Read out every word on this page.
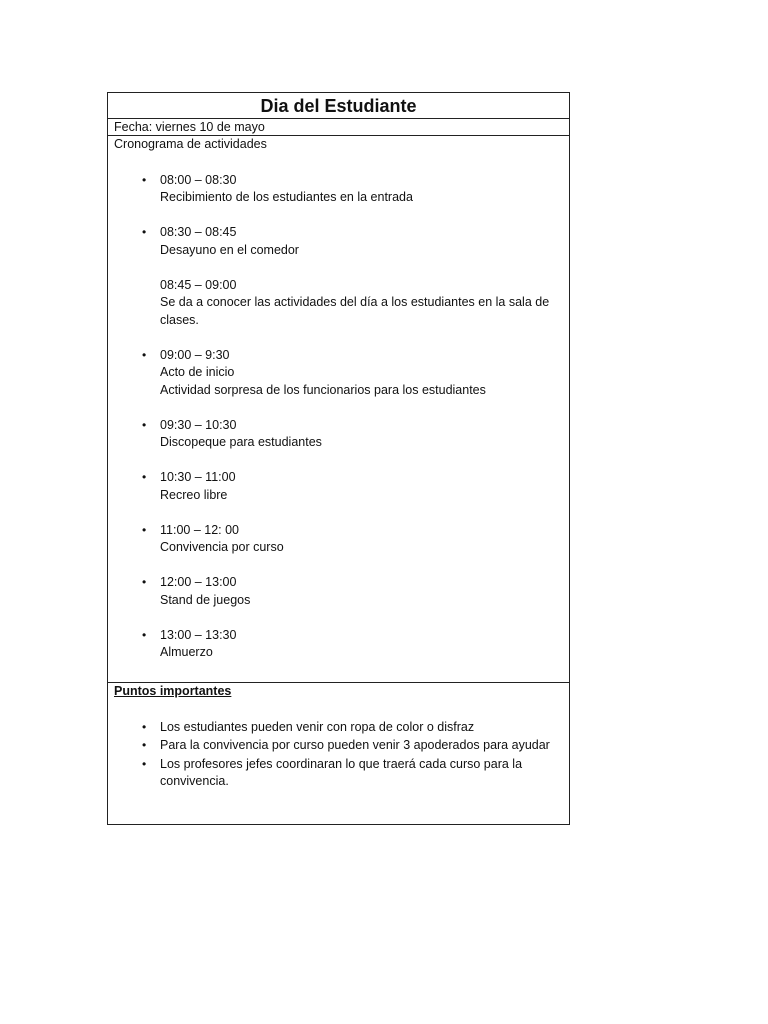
Dia del Estudiante
Fecha: viernes 10 de mayo
Cronograma de actividades
• 08:00 – 08:30
Recibimiento de los estudiantes en la entrada
• 08:30 – 08:45
Desayuno en el comedor
08:45 – 09:00
Se da a conocer las actividades del día a los estudiantes en la sala de clases.
• 09:00 – 9:30
Acto de inicio
Actividad sorpresa de los funcionarios para los estudiantes
• 09:30 – 10:30
Discopeque para estudiantes
• 10:30 – 11:00
Recreo libre
• 11:00 – 12: 00
Convivencia por curso
• 12:00 – 13:00
Stand de juegos
• 13:00 – 13:30
Almuerzo
Puntos importantes
• Los estudiantes pueden venir con ropa de color o disfraz
• Para la convivencia por curso pueden venir 3 apoderados para ayudar
• Los profesores jefes coordinaran lo que traerá cada curso para la convivencia.
